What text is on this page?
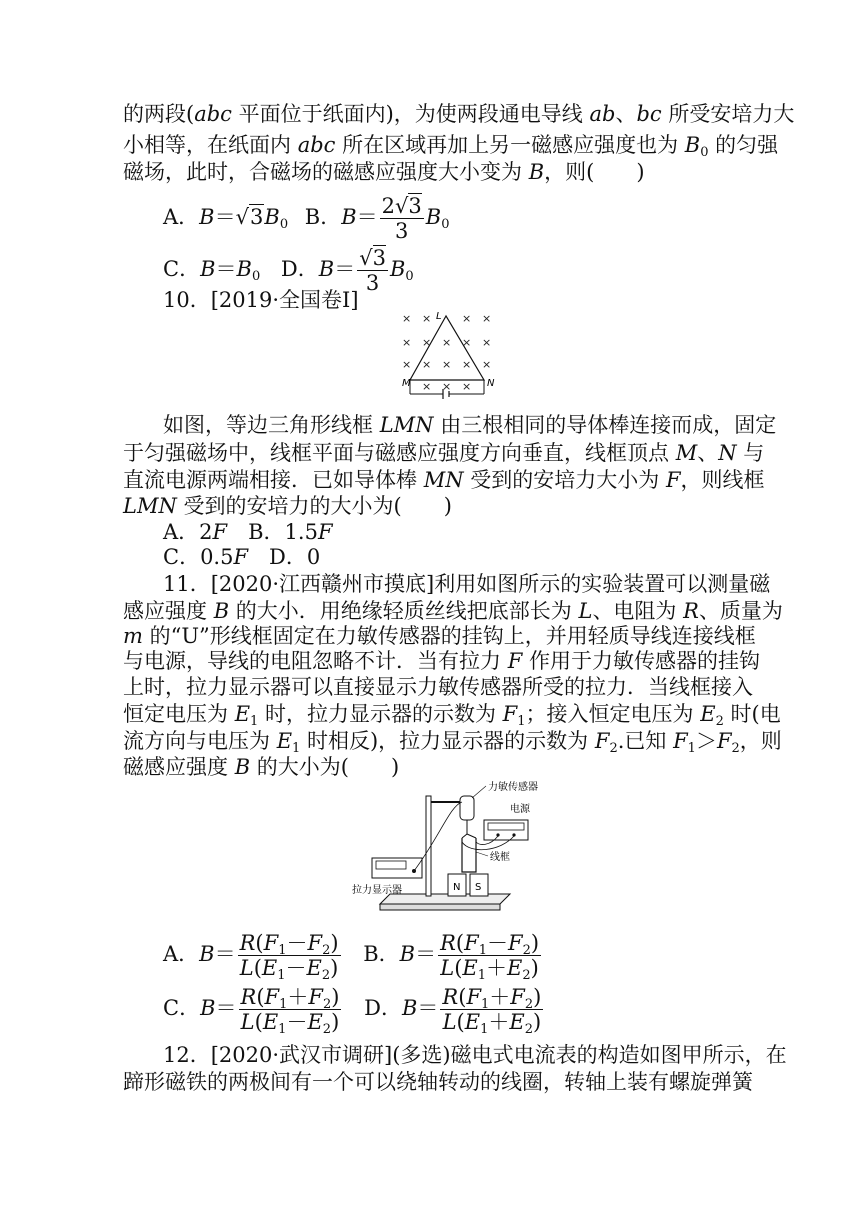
的两段(abc 平面位于纸面内)，为使两段通电导线 ab、bc 所受安培力大
小相等，在纸面内 abc 所在区域再加上另一磁感应强度也为 $B_0$ 的匀强
磁场，此时，合磁场的磁感应强度大小变为 B，则(　　)
A．$B=√3B_0$ B．$B= \frac{2√3}{3} B_0$
C．$B=B_0$ D．$B= \frac{√3}{3} B_0$
10．[2019·全国卷Ⅰ]
× ×	× ×
× × × × ×
× × × × ×
× × ×
L
M	N
如图，等边三角形线框 LMN 由三根相同的导体棒连接而成，固定
于匀强磁场中，线框平面与磁感应强度方向垂直，线框顶点 M、N 与
直流电源两端相接．已如导体棒 MN 受到的安培力大小为 F，则线框
LMN 受到的安培力的大小为(　　)
A．2F　B．1.5F
C．0.5F　D．0
11．[2020·江西赣州市摸底]利用如图所示的实验装置可以测量磁
感应强度 B 的大小．用绝缘轻质丝线把底部长为 L、电阻为 R、质量为
m 的“U”形线框固定在力敏传感器的挂钩上，并用轻质导线连接线框
与电源，导线的电阻忽略不计．当有拉力 F 作用于力敏传感器的挂钩
上时，拉力显示器可以直接显示力敏传感器所受的拉力．当线框接入
恒定电压为 $E_1$ 时，拉力显示器的示数为 $F_1$；接入恒定电压为 $E_2$ 时(电
流方向与电压为 $E_1$ 时相反)，拉力显示器的示数为 $F_2$.已知 $F_1>F_2$，则
磁感应强度 B 的大小为(　　)
N S
力敏传感器
电源
线框
拉力显示器
A．$B= \frac{R(F_1-F_2)}{L(E_1-E_2)}$ B．$B= \frac{R(F_1-F_2)}{L(E_1+E_2)}$
C．$B= \frac{R(F_1+F_2)}{L(E_1-E_2)}$ D．$B= \frac{R(F_1+F_2)}{L(E_1+E_2)}$
12．[2020·武汉市调研](多选)磁电式电流表的构造如图甲所示，在
蹄形磁铁的两极间有一个可以绕轴转动的线圈，转轴上装有螺旋弹簧
